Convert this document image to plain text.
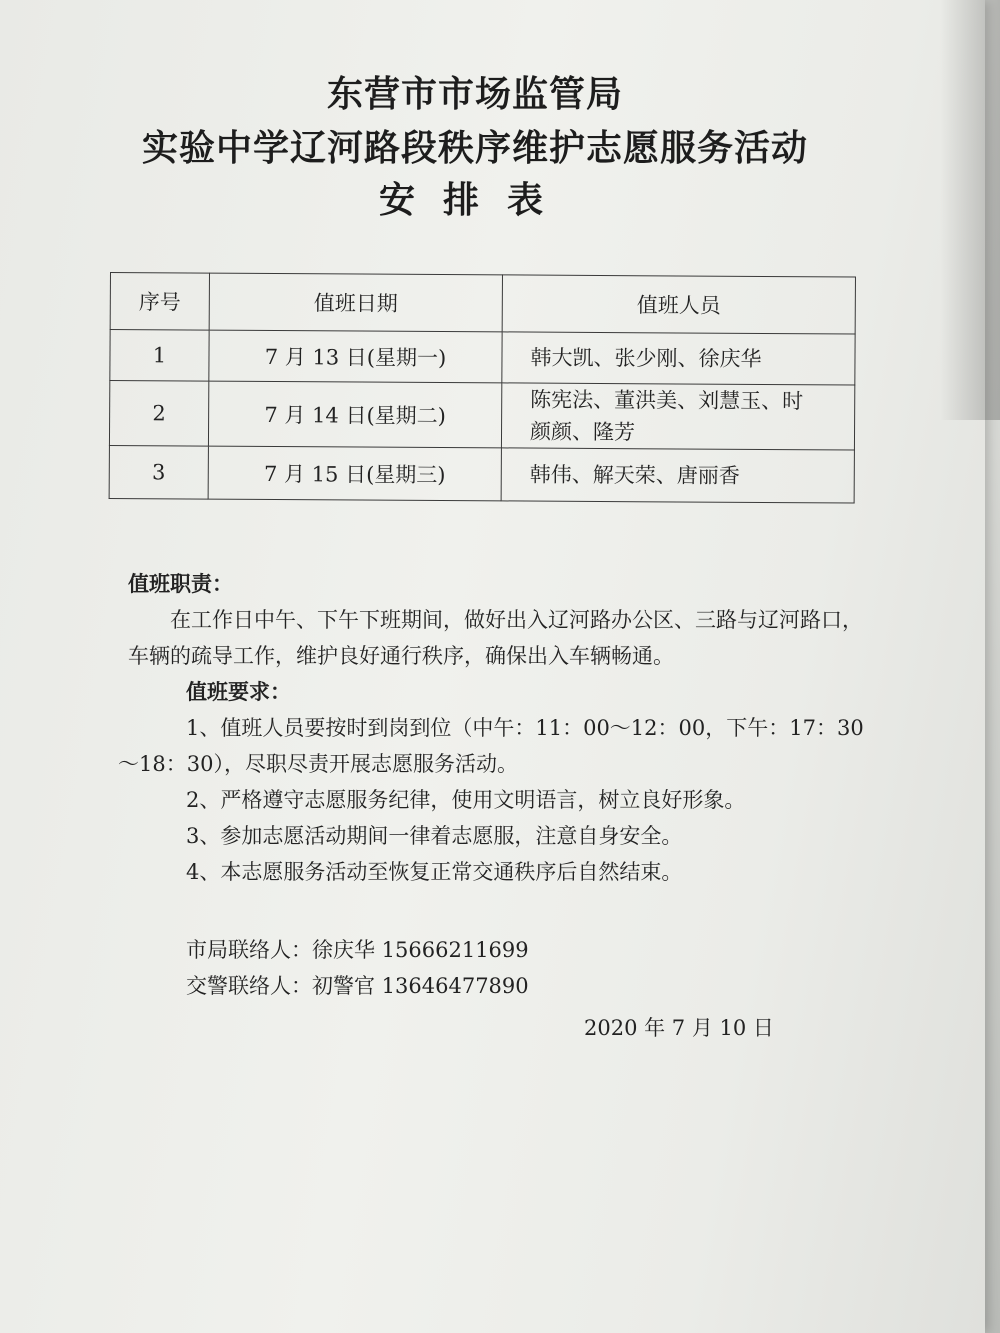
东营市市场监管局
实验中学辽河路段秩序维护志愿服务活动
安排表
序号	值班日期	值班人员
1	7 月 13 日(星期一)	韩大凯、张少刚、徐庆华
2	7 月 14 日(星期二)	陈宪法、董洪美、刘慧玉、时颜颜、隆芳
3	7 月 15 日(星期三)	韩伟、解天荣、唐丽香

值班职责：

在工作日中午、下午下班期间，做好出入辽河路办公区、三路与辽河路口，车辆的疏导工作，维护良好通行秩序，确保出入车辆畅通。

值班要求：

1、值班人员要按时到岗到位（中午：11：00～12：00，下午：17：30～18：30），尽职尽责开展志愿服务活动。

2、严格遵守志愿服务纪律，使用文明语言，树立良好形象。

3、参加志愿活动期间一律着志愿服，注意自身安全。

4、本志愿服务活动至恢复正常交通秩序后自然结束。

市局联络人：徐庆华 15666211699

交警联络人：初警官 13646477890

2020 年 7 月 10 日
